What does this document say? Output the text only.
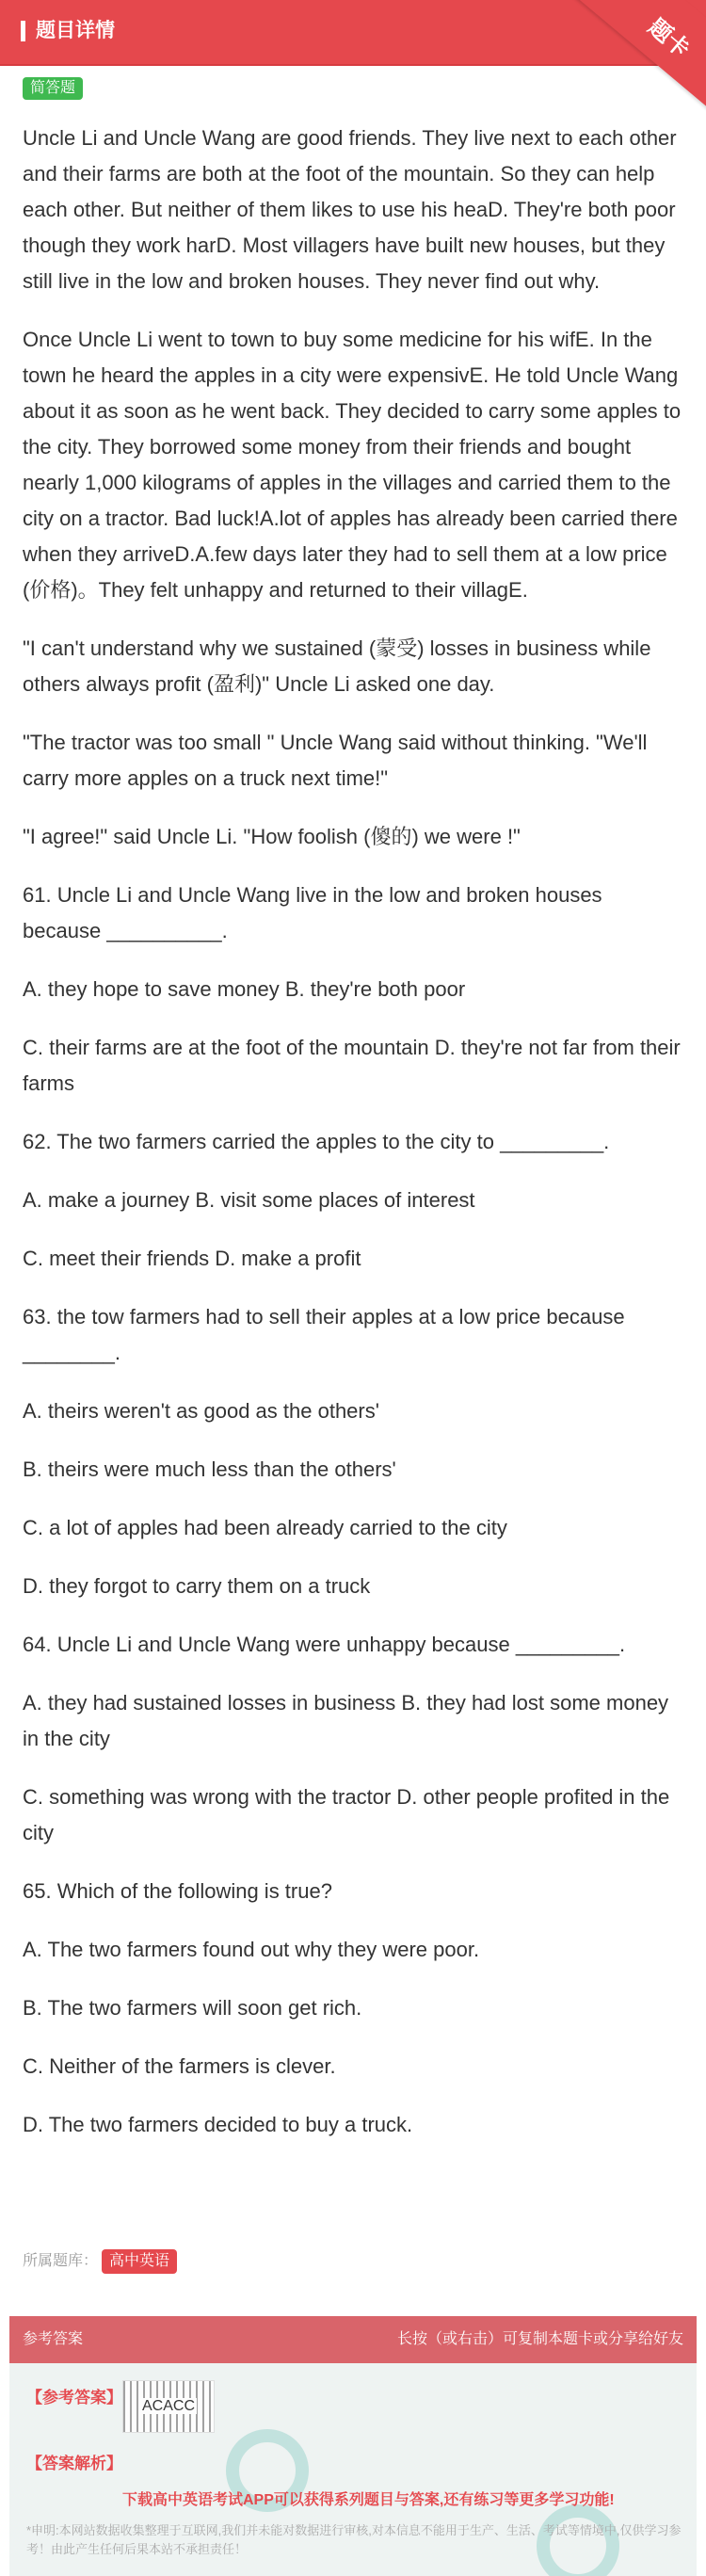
题目详情	题卡
简答题

Uncle Li and Uncle Wang are good friends. They live next to each other and their farms are both at the foot of the mountain. So they can help each other. But neither of them likes to use his heaD. They're both poor though they work harD. Most villagers have built new houses, but they still live in the low and broken houses. They never find out why.

Once Uncle Li went to town to buy some medicine for his wifE. In the town he heard the apples in a city were expensivE. He told Uncle Wang about it as soon as he went back. They decided to carry some apples to the city. They borrowed some money from their friends and bought nearly 1,000 kilograms of apples in the villages and carried them to the city on a tractor. Bad luck!A.lot of apples has already been carried there when they arriveD.A.few days later they had to sell them at a low price (价格)。They felt unhappy and returned to their villagE.

"I can't understand why we sustained (蒙受) losses in business while others always profit (盈利)" Uncle Li asked one day.

"The tractor was too small " Uncle Wang said without thinking. "We'll carry more apples on a truck next time!"

"I agree!" said Uncle Li. "How foolish (傻的) we were !"

61. Uncle Li and Uncle Wang live in the low and broken houses because __________.

A. they hope to save money B. they're both poor

C. their farms are at the foot of the mountain D. they're not far from their farms

62. The two farmers carried the apples to the city to _________.

A. make a journey B. visit some places of interest

C. meet their friends D. make a profit

63. the tow farmers had to sell their apples at a low price because ________.

A. theirs weren't as good as the others'

B. theirs were much less than the others'

C. a lot of apples had been already carried to the city

D. they forgot to carry them on a truck

64. Uncle Li and Uncle Wang were unhappy because _________.

A. they had sustained losses in business B. they had lost some money in the city

C. something was wrong with the tractor D. other people profited in the city

65. Which of the following is true?

A. The two farmers found out why they were poor.

B. The two farmers will soon get rich.

C. Neither of the farmers is clever.

D. The two farmers decided to buy a truck.

所属题库： 高中英语
参考答案	长按（或右击）可复制本题卡或分享给好友
【参考答案】	ACACC
【答案解析】
下载高中英语考试APP可以获得系列题目与答案,还有练习等更多学习功能!
*申明:本网站数据收集整理于互联网,我们并未能对数据进行审核,对本信息不能用于生产、生活、考试等情境中,仅供学习参考！由此产生任何后果本站不承担责任！
